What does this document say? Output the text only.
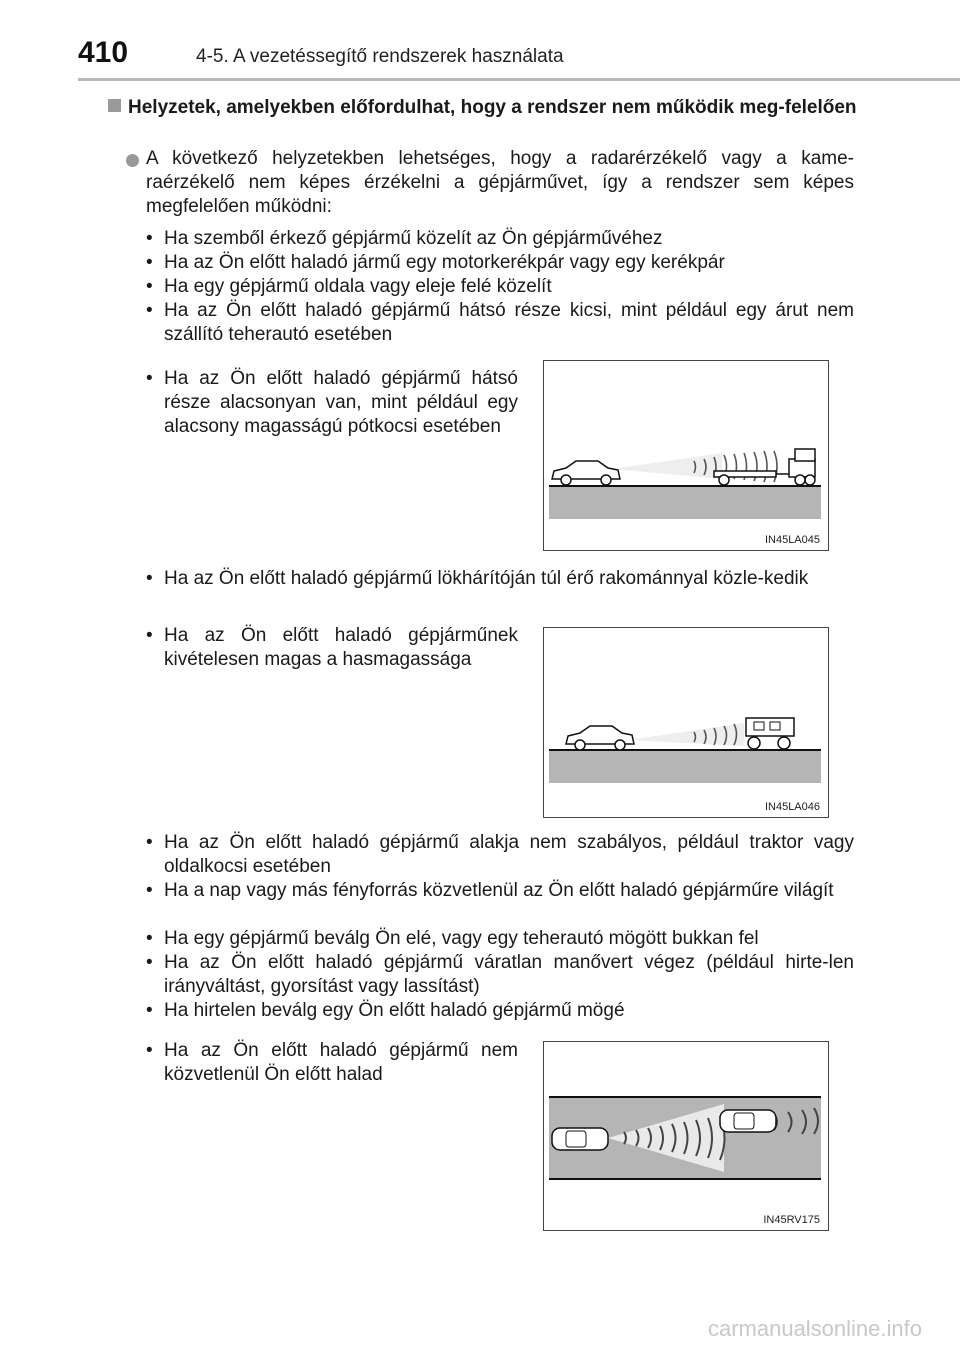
410	4-5. A vezetéssegítő rendszerek használata
Helyzetek, amelyekben előfordulhat, hogy a rendszer nem működik meg-felelően
A következő helyzetekben lehetséges, hogy a radarérzékelő vagy a kame-raérzékelő nem képes érzékelni a gépjárművet, így a rendszer sem képes megfelelően működni:
• Ha szemből érkező gépjármű közelít az Ön gépjárművéhez
• Ha az Ön előtt haladó jármű egy motorkerékpár vagy egy kerékpár
• Ha egy gépjármű oldala vagy eleje felé közelít
• Ha az Ön előtt haladó gépjármű hátsó része kicsi, mint például egy árut nem szállító teherautó esetében
• Ha az Ön előtt haladó gépjármű hátsó része alacsonyan van, mint például egy alacsony magasságú pótkocsi esetében
IN45LA045
• Ha az Ön előtt haladó gépjármű lökhárítóján túl érő rakománnyal közle-kedik
• Ha az Ön előtt haladó gépjárműnek kivételesen magas a hasmagassága
IN45LA046
• Ha az Ön előtt haladó gépjármű alakja nem szabályos, például traktor vagy oldalkocsi esetében
• Ha a nap vagy más fényforrás közvetlenül az Ön előtt haladó gépjárműre világít
• Ha egy gépjármű beválg Ön elé, vagy egy teherautó mögött bukkan fel
• Ha az Ön előtt haladó gépjármű váratlan manővert végez (például hirte-len irányváltást, gyorsítást vagy lassítást)
• Ha hirtelen beválg egy Ön előtt haladó gépjármű mögé
• Ha az Ön előtt haladó gépjármű nem közvetlenül Ön előtt halad
IN45RV175
carmanualsonline.info
